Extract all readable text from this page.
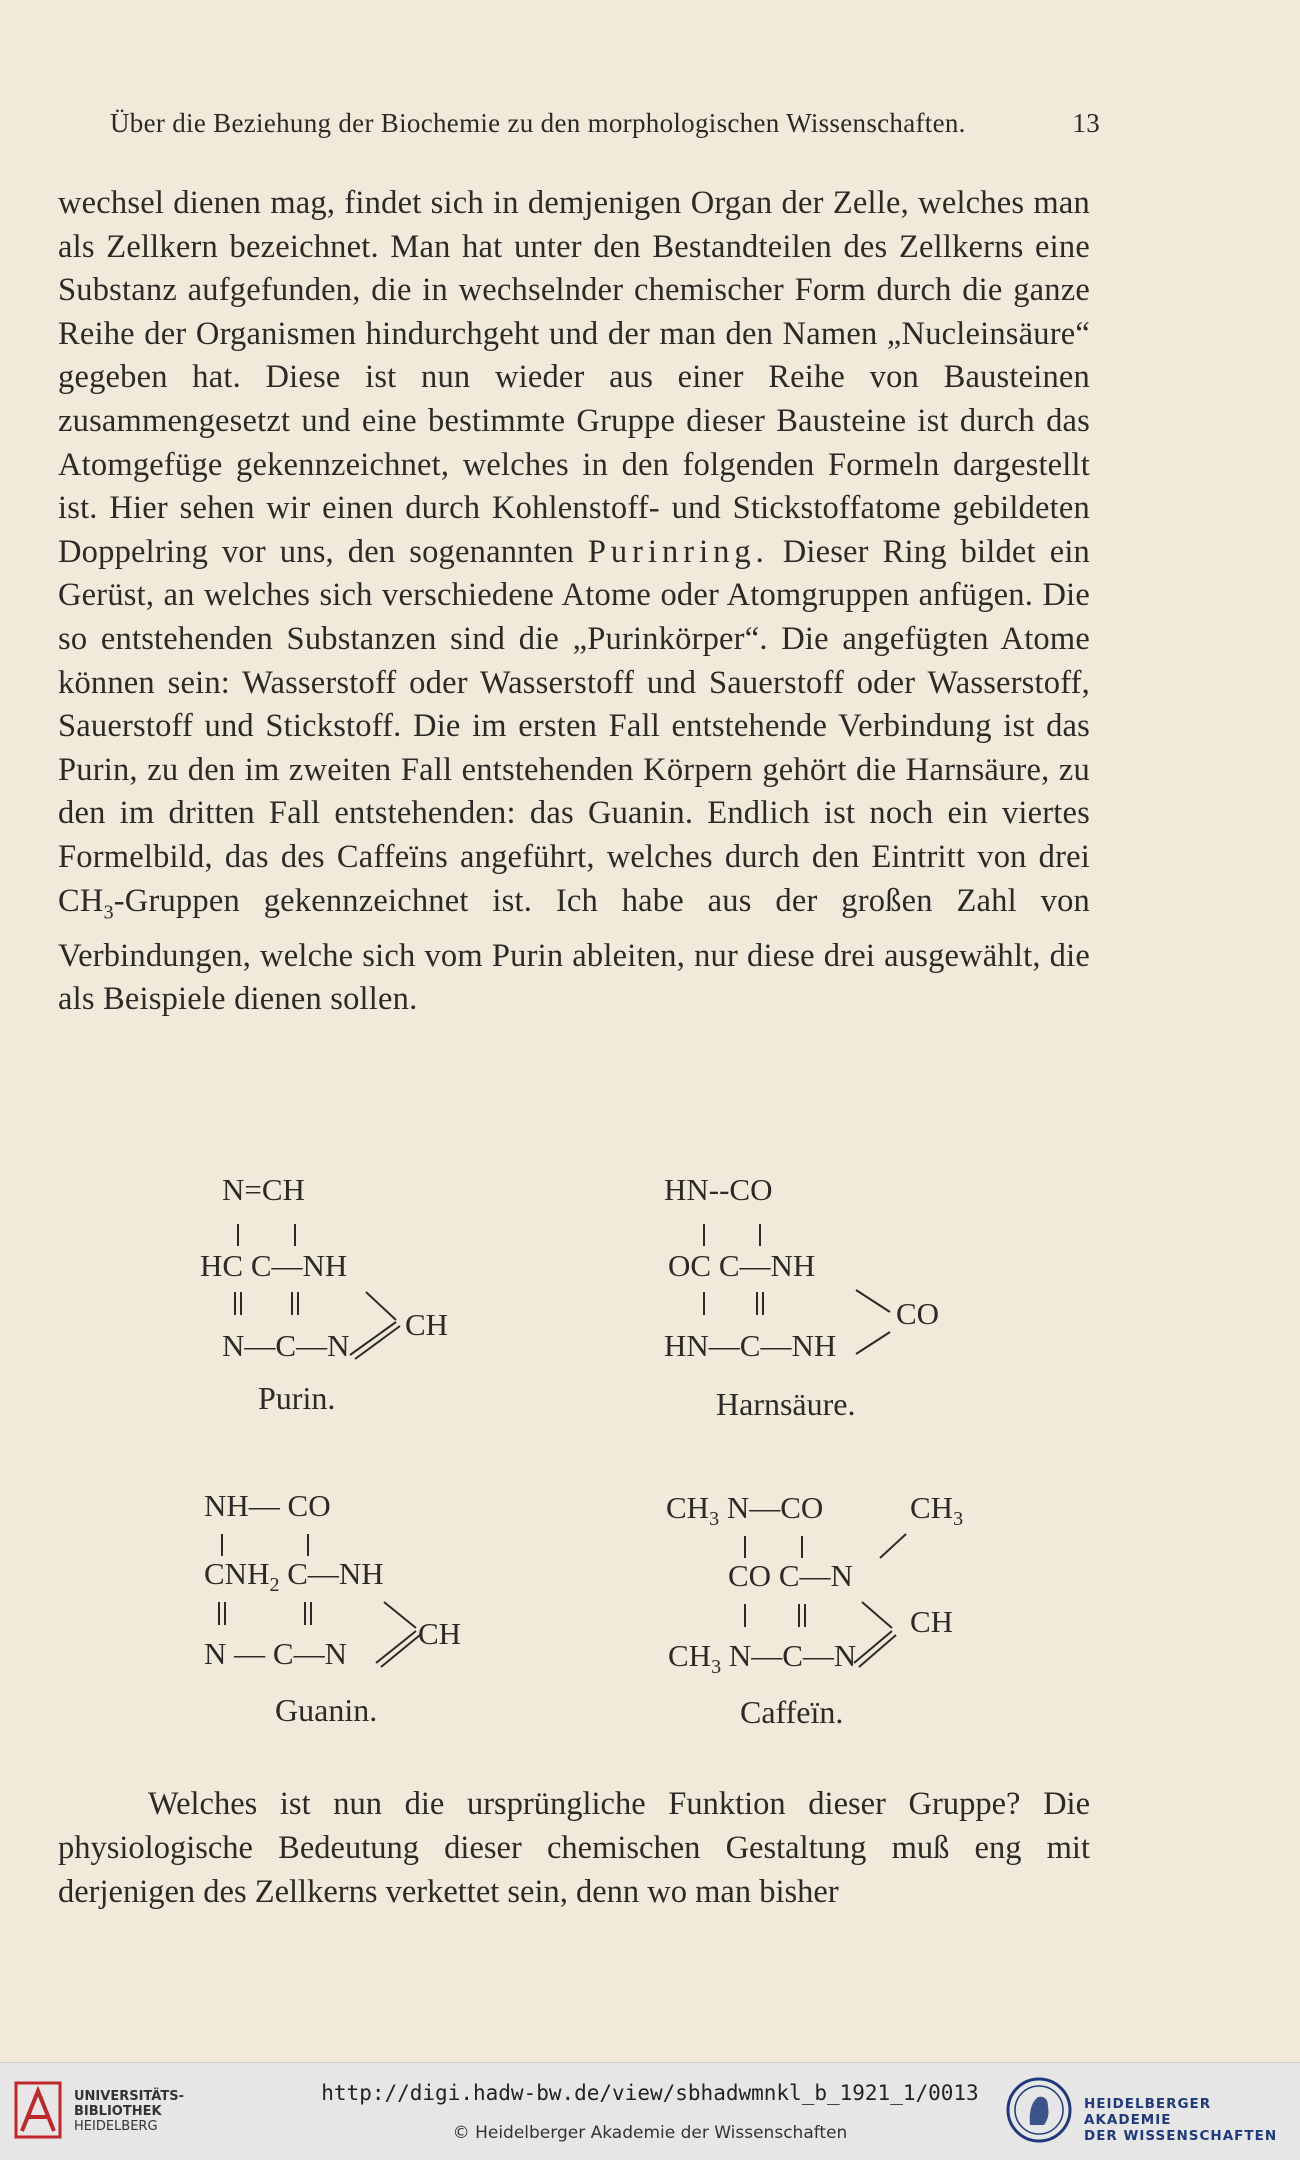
Über die Beziehung der Biochemie zu den morphologischen Wissenschaften.	13

wechsel dienen mag, findet sich in demjenigen Organ der Zelle, welches man als Zellkern bezeichnet. Man hat unter den Bestandteilen des Zellkerns eine Substanz aufgefunden, die in wechselnder chemischer Form durch die ganze Reihe der Organismen hindurchgeht und der man den Namen „Nucleinsäure“ gegeben hat. Diese ist nun wieder aus einer Reihe von Bausteinen zusammengesetzt und eine bestimmte Gruppe dieser Bausteine ist durch das Atomgefüge gekennzeichnet, welches in den folgenden Formeln dargestellt ist. Hier sehen wir einen durch Kohlenstoff- und Stickstoffatome gebildeten Doppelring vor uns, den sogenannten Purinring. Dieser Ring bildet ein Gerüst, an welches sich verschiedene Atome oder Atomgruppen anfügen. Die so entstehenden Substanzen sind die „Purinkörper“. Die angefügten Atome können sein: Wasserstoff oder Wasserstoff und Sauerstoff oder Wasserstoff, Sauerstoff und Stickstoff. Die im ersten Fall entstehende Verbindung ist das Purin, zu den im zweiten Fall entstehenden Körpern gehört die Harnsäure, zu den im dritten Fall entstehenden: das Guanin. Endlich ist noch ein viertes Formelbild, das des Caffeïns angeführt, welches durch den Eintritt von drei $CH_3$-Gruppen gekennzeichnet ist. Ich habe aus der großen Zahl von Verbindungen, welche sich vom Purin ableiten, nur diese drei ausgewählt, die als Beispiele dienen sollen.

N=CH
HC C—NH
N—C—N
CH
Purin.
HN--CO
OC C—NH
HN—C—NH
CO
Harnsäure.
NH— CO
$CNH_2$ C—NH
N — C—N
CH
Guanin.
$CH_3$ N—CO	$CH_3$
CO C—N
$CH_3$ N—C—N
CH
Caffeïn.

Welches ist nun die ursprüngliche Funktion dieser Gruppe? Die physiologische Bedeutung dieser chemischen Gestaltung muß eng mit derjenigen des Zellkerns verkettet sein, denn wo man bisher

UNIVERSITÄTS-
BIBLIOTHEK
HEIDELBERG
http://digi.hadw-bw.de/view/sbhadwmnkl_b_1921_1/0013
© Heidelberger Akademie der Wissenschaften
HEIDELBERGER AKADEMIE
DER WISSENSCHAFTEN
